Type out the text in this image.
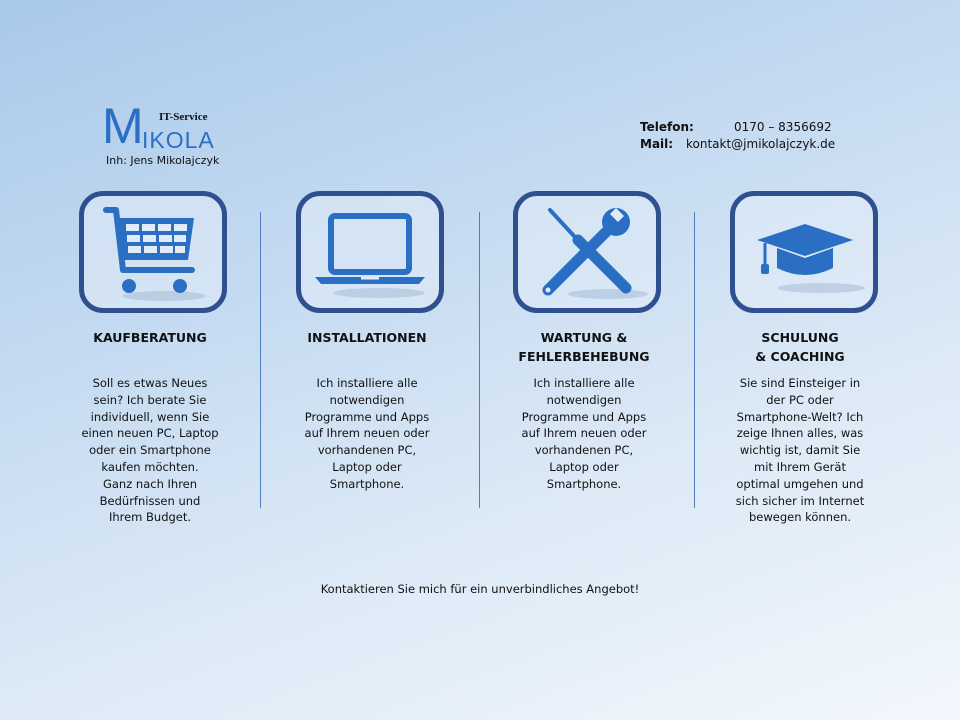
M IT-Service
IKOLA
Inh: Jens Mikolajczyk
Telefon:	0170 – 8356692
Mail: kontakt@jmikolajczyk.de
KAUFBERATUNG
Soll es etwas Neues
sein? Ich berate Sie
individuell, wenn Sie
einen neuen PC, Laptop
oder ein Smartphone
kaufen möchten.
Ganz nach Ihren
Bedürfnissen und
Ihrem Budget.
INSTALLATIONEN
Ich installiere alle
notwendigen
Programme und Apps
auf Ihrem neuen oder
vorhandenen PC,
Laptop oder
Smartphone.
WARTUNG &
FEHLERBEHEBUNG
Ich installiere alle
notwendigen
Programme und Apps
auf Ihrem neuen oder
vorhandenen PC,
Laptop oder
Smartphone.
SCHULUNG
& COACHING
Sie sind Einsteiger in
der PC oder
Smartphone-Welt? Ich
zeige Ihnen alles, was
wichtig ist, damit Sie
mit Ihrem Gerät
optimal umgehen und
sich sicher im Internet
bewegen können.
Kontaktieren Sie mich für ein unverbindliches Angebot!
